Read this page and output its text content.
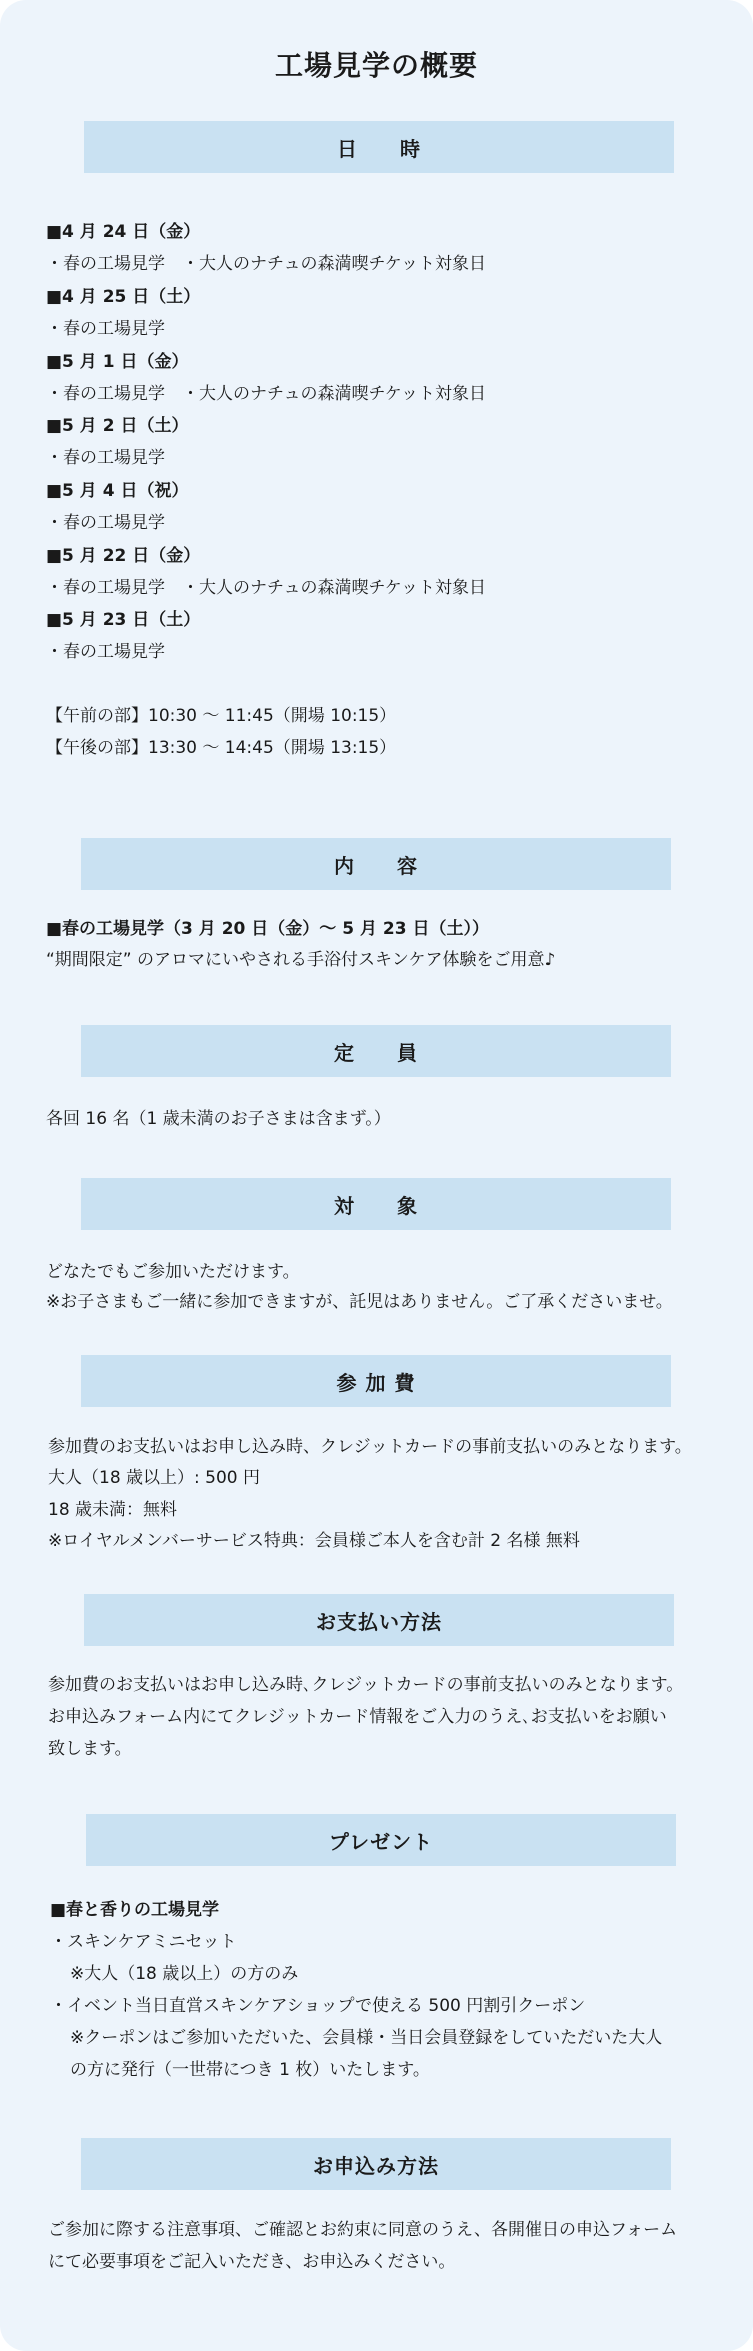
工場見学の概要
日　　時
■4 月 24 日（金）
・春の工場見学　・大人のナチュの森満喫チケット対象日
■4 月 25 日（土）
・春の工場見学
■5 月 1 日（金）
・春の工場見学　・大人のナチュの森満喫チケット対象日
■5 月 2 日（土）
・春の工場見学
■5 月 4 日（祝）
・春の工場見学
■5 月 22 日（金）
・春の工場見学　・大人のナチュの森満喫チケット対象日
■5 月 23 日（土）
・春の工場見学
【午前の部】10:30 ～ 11:45（開場 10:15）
【午後の部】13:30 ～ 14:45（開場 13:15）
内　　容
■春の工場見学（3 月 20 日（金）～ 5 月 23 日（土））
“期間限定” のアロマにいやされる手浴付スキンケア体験をご用意♪
定　　員
各回 16 名（1 歳未満のお子さまは含まず。）
対　　象
どなたでもご参加いただけます。
※お子さまもご一緒に参加できますが、託児はありません。ご了承くださいませ。
参 加 費
参加費のお支払いはお申し込み時、クレジットカードの事前支払いのみとなります。
大人（18 歳以上）: 500 円
18 歳未満：無料
※ロイヤルメンバーサービス特典：会員様ご本人を含む計 2 名様 無料
お支払い方法
参加費のお支払いはお申し込み時､クレジットカードの事前支払いのみとなります。
お申込みフォーム内にてクレジットカード情報をご入力のうえ､お支払いをお願い
致します。
プレゼント
■春と香りの工場見学
・スキンケアミニセット
※大人（18 歳以上）の方のみ
・イベント当日直営スキンケアショップで使える 500 円割引クーポン
※クーポンはご参加いただいた、会員様・当日会員登録をしていただいた大人
の方に発行（一世帯につき 1 枚）いたします。
お申込み方法
ご参加に際する注意事項、ご確認とお約束に同意のうえ、各開催日の申込フォーム
にて必要事項をご記入いただき、お申込みください。
